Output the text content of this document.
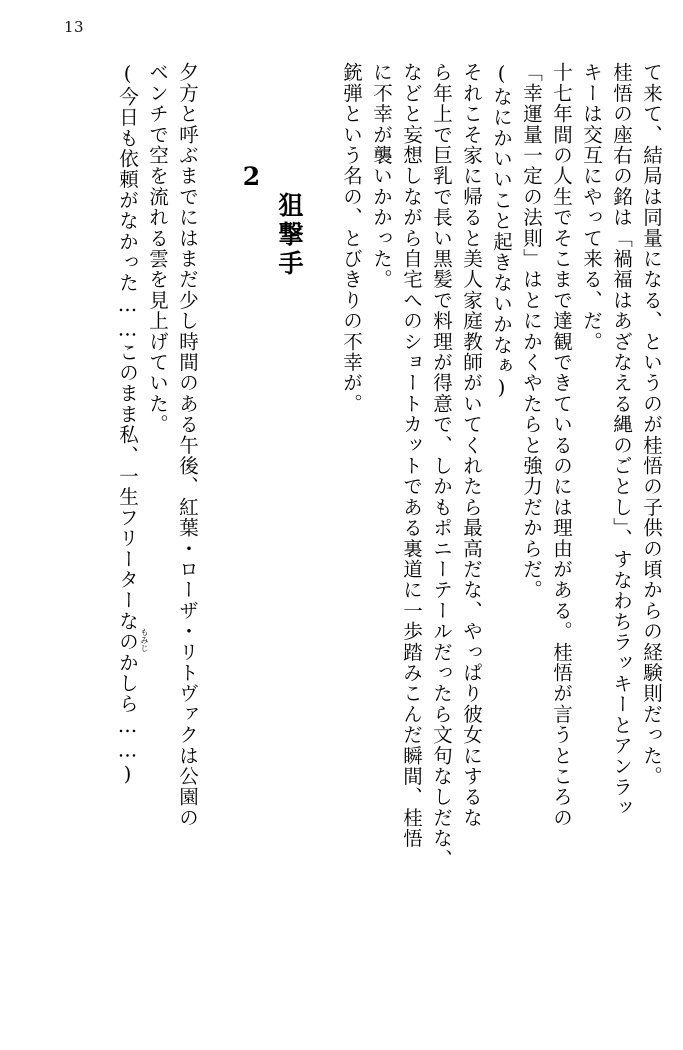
13
て来て、結局は同量になる、というのが桂悟の子供の頃からの経験則だった。
桂悟の座右の銘は「禍福はあざなえる縄のごとし」、すなわちラッキーとアンラッ
キーは交互にやって来る、だ。
十七年間の人生でそこまで達観できているのには理由がある。桂悟が言うところの
「幸運量一定の法則」はとにかくやたらと強力だからだ。
(なにかいいこと起きないかなぁ)
それこそ家に帰ると美人家庭教師がいてくれたら最高だな、やっぱり彼女にするな
ら年上で巨乳で長い黒髪で料理が得意で、しかもポニーテールだったら文句なしだな、
などと妄想しながら自宅へのショートカットである裏道に一歩踏みこんだ瞬間、桂悟
に不幸が襲いかかった。
銃弾という名の、とびきりの不幸が。
狙撃手
2
夕方と呼ぶまでにはまだ少し時間のある午後、紅葉・ローザ・リトヴァクは公園の
ベンチで空を流れる雲を見上げていた。
(今日も依頼がなかった……このまま私、一生フリーターなのかしら……) もみじ
